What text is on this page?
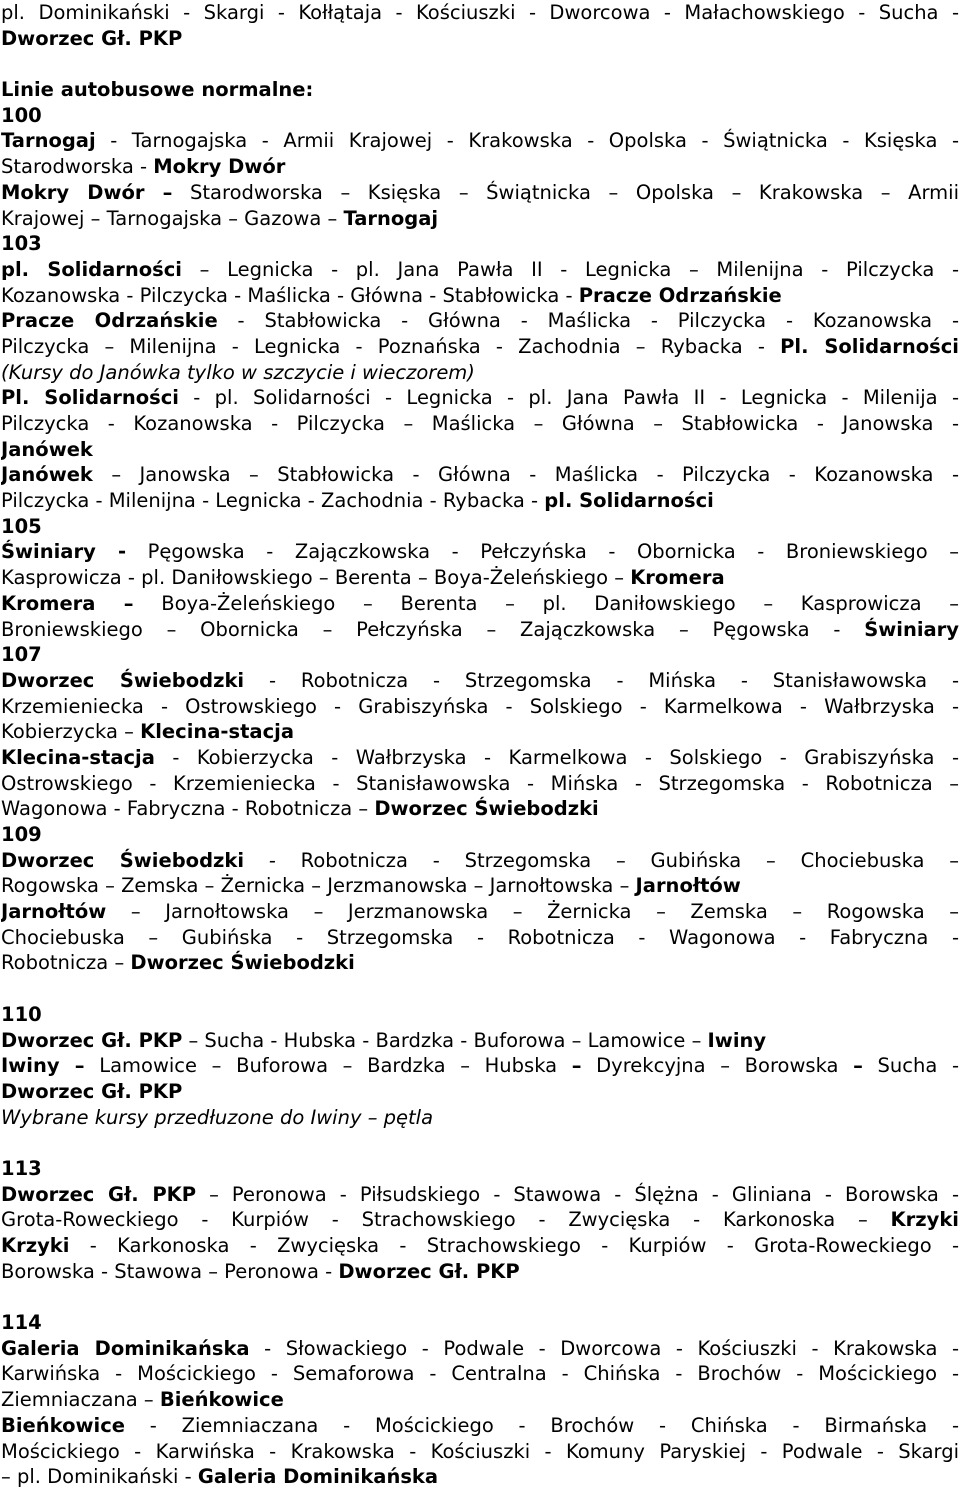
pl. Dominikański - Skargi - Kołłątaja - Kościuszki - Dworcowa - Małachowskiego - Sucha -
Dworzec Gł. PKP
Linie autobusowe normalne:
100
Tarnogaj - Tarnogajska - Armii Krajowej - Krakowska - Opolska - Świątnicka - Księska -
Starodworska - Mokry Dwór
Mokry Dwór – Starodworska – Księska – Świątnicka – Opolska – Krakowska – Armii
Krajowej – Tarnogajska – Gazowa – Tarnogaj
103
pl. Solidarności – Legnicka - pl. Jana Pawła II - Legnicka – Milenijna - Pilczycka -
Kozanowska - Pilczycka - Maślicka - Główna - Stabłowicka - Pracze Odrzańskie
Pracze Odrzańskie - Stabłowicka - Główna - Maślicka - Pilczycka - Kozanowska -
Pilczycka – Milenijna - Legnicka - Poznańska - Zachodnia – Rybacka - Pl. Solidarności
(Kursy do Janówka tylko w szczycie i wieczorem)
Pl. Solidarności - pl. Solidarności - Legnicka - pl. Jana Pawła II - Legnicka - Milenija -
Pilczycka - Kozanowska - Pilczycka – Maślicka – Główna – Stabłowicka - Janowska -
Janówek
Janówek – Janowska – Stabłowicka - Główna - Maślicka - Pilczycka - Kozanowska -
Pilczycka - Milenijna - Legnicka - Zachodnia - Rybacka - pl. Solidarności
105
Świniary - Pęgowska - Zajączkowska - Pełczyńska - Obornicka - Broniewskiego –
Kasprowicza - pl. Daniłowskiego – Berenta – Boya-Żeleńskiego – Kromera
Kromera – Boya-Żeleńskiego – Berenta – pl. Daniłowskiego – Kasprowicza –
Broniewskiego – Obornicka – Pełczyńska – Zajączkowska – Pęgowska - Świniary
107
Dworzec Świebodzki - Robotnicza - Strzegomska - Mińska - Stanisławowska -
Krzemieniecka - Ostrowskiego - Grabiszyńska - Solskiego - Karmelkowa - Wałbrzyska -
Kobierzycka – Klecina-stacja
Klecina-stacja - Kobierzycka - Wałbrzyska - Karmelkowa - Solskiego - Grabiszyńska -
Ostrowskiego - Krzemieniecka - Stanisławowska - Mińska - Strzegomska - Robotnicza –
Wagonowa - Fabryczna - Robotnicza – Dworzec Świebodzki
109
Dworzec Świebodzki - Robotnicza - Strzegomska – Gubińska – Chociebuska –
Rogowska – Zemska – Żernicka – Jerzmanowska – Jarnołtowska – Jarnołtów
Jarnołtów – Jarnołtowska – Jerzmanowska – Żernicka – Zemska – Rogowska –
Chociebuska – Gubińska - Strzegomska - Robotnicza - Wagonowa - Fabryczna -
Robotnicza – Dworzec Świebodzki
110
Dworzec Gł. PKP – Sucha - Hubska - Bardzka - Buforowa – Lamowice – Iwiny
Iwiny – Lamowice – Buforowa – Bardzka – Hubska – Dyrekcyjna – Borowska – Sucha -
Dworzec Gł. PKP
Wybrane kursy przedłuzone do Iwiny – pętla
113
Dworzec Gł. PKP – Peronowa - Piłsudskiego - Stawowa - Ślężna - Gliniana - Borowska -
Grota-Roweckiego - Kurpiów - Strachowskiego - Zwycięska - Karkonoska – Krzyki
Krzyki - Karkonoska - Zwycięska - Strachowskiego - Kurpiów - Grota-Roweckiego -
Borowska - Stawowa – Peronowa - Dworzec Gł. PKP
114
Galeria Dominikańska - Słowackiego - Podwale - Dworcowa - Kościuszki - Krakowska -
Karwińska - Mościckiego - Semaforowa - Centralna - Chińska - Brochów - Mościckiego -
Ziemniaczana – Bieńkowice
Bieńkowice - Ziemniaczana - Mościckiego - Brochów - Chińska - Birmańska -
Mościckiego - Karwińska - Krakowska - Kościuszki - Komuny Paryskiej - Podwale - Skargi
– pl. Dominikański - Galeria Dominikańska
